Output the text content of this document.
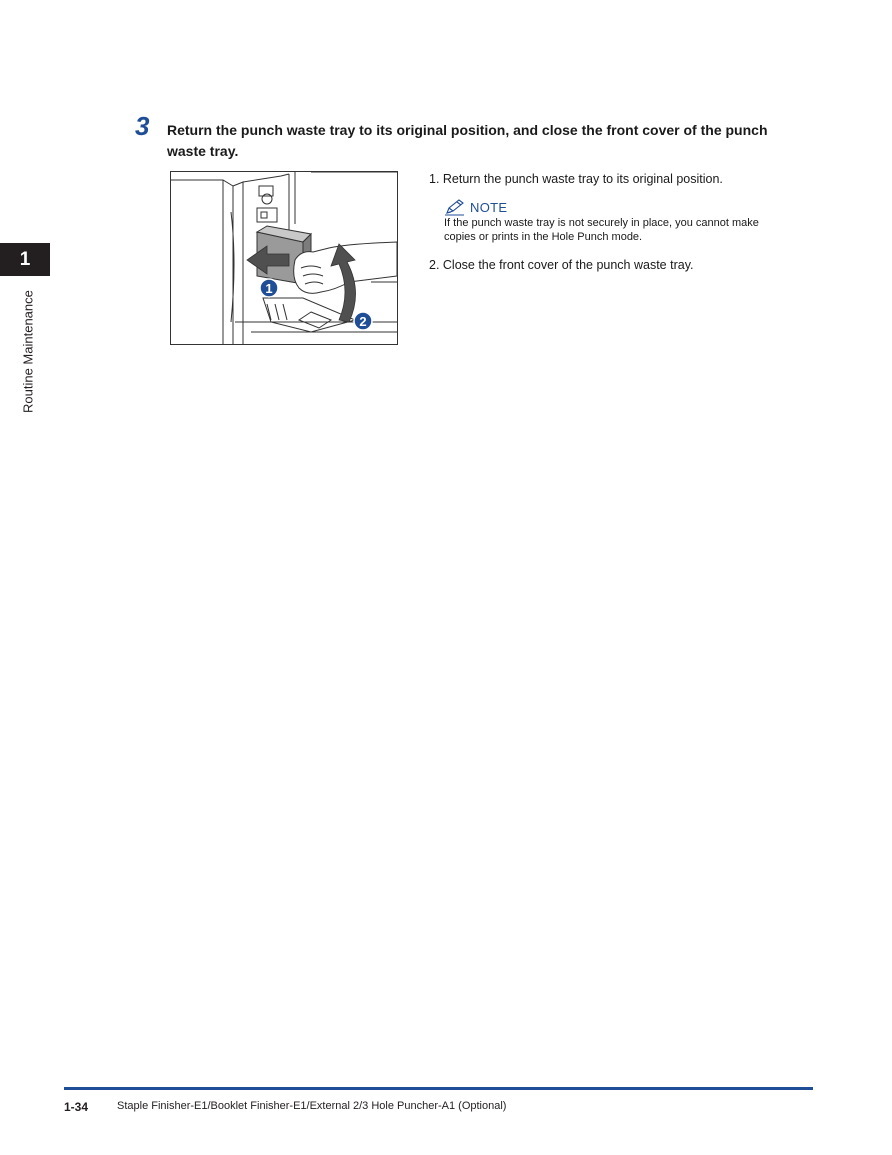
1
Routine Maintenance
3 Return the punch waste tray to its original position, and close the front cover of the punch waste tray.
1
2
1. Return the punch waste tray to its original position.
NOTE
If the punch waste tray is not securely in place, you cannot make copies or prints in the Hole Punch mode.
2. Close the front cover of the punch waste tray.
1-34	Staple Finisher-E1/Booklet Finisher-E1/External 2/3 Hole Puncher-A1 (Optional)
